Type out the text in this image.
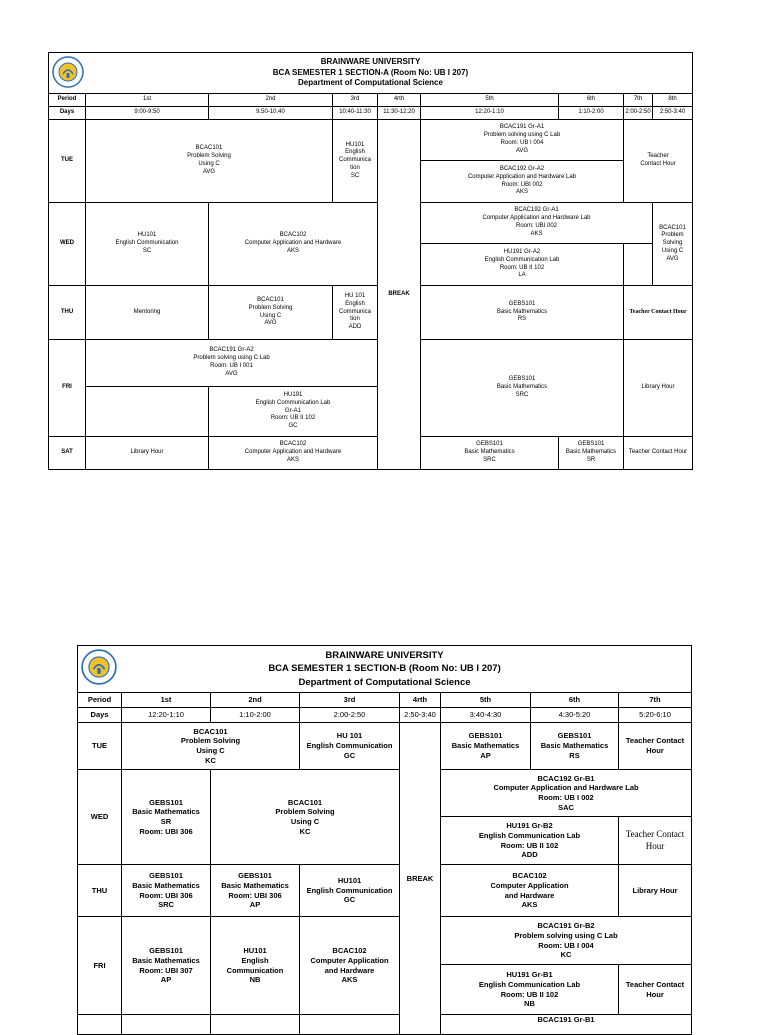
BRAINWARE UNIVERSITY
BCA SEMESTER 1 SECTION-A (Room No: UB I 207)
Department of Computational Science								

Period	1st	2nd	3rd	4rth	5th	6th	7th	8th
Days	9:00-9:50	9.50-10.40	10:40-11:30	11:30-12:20	12:20-1:10	1:10-2:00	2:00-2:50	2:50-3:40
TUE	BCAC101
Problem Solving
Using C
AVG		HU101
English
Communica
tion
SC	BREAK	BCAC191 Gr-A1
Problem solving using C Lab
Room: UB I 004
AVG		Teacher
Contact Hour	

					BCAC192 Gr-A2
Computer Application and Hardware Lab
Room: UBI 002
AKS			

WED	HU101
English Communication
SC	BCAC102
Computer Application and Hardware
AKS			BCAC192 Gr-A1
Computer Application and Hardware Lab
Room: UBI 002
AKS			BCAC101
Problem Solving
Using C
AVG

					HU191 Gr-A2
English Communication Lab
Room: UB II 102
LA			

THU	Mentoring	BCAC101
Problem Solving
Using C
AVG	HU 101
English
Communica
tion
ADD		GEBS101
Basic Mathematics
RS		Teacher Contact Hour	

FRI	BCAC191 Gr-A2
Problem solving using C Lab
Room: UB I 001
AVG				GEBS101
Basic Mathematics
SRC		Library Hour	

		HU191
English Communication Lab
Gr-A1
Room: UB II 102
GC						

SAT	Library Hour	BCAC102
Computer Application and Hardware
AKS			GEBS101
Basic Mathematics
SRC	GEBS101
Basic Mathematics
SR	Teacher Contact Hour	
BRAINWARE UNIVERSITY
BCA SEMESTER 1 SECTION-B (Room No: UB I 207)
Department of Computational Science							

Period	1st	2nd	3rd	4rth	5th	6th	7th
Days	12:20-1:10	1:10-2:00	2:00-2:50	2:50-3:40	3:40-4:30	4:30-5:20	5:20-6:10
TUE	BCAC101
Problem Solving
Using C
KC		HU 101
English Communication
GC	BREAK	GEBS101
Basic Mathematics
AP	GEBS101
Basic Mathematics
RS	Teacher Contact
Hour

WED	GEBS101
Basic Mathematics
SR
Room: UBI 306	BCAC101
Problem Solving
Using C
KC			BCAC192 Gr-B1
Computer Application and Hardware Lab
Room: UB I 002
SAC		

					HU191 Gr-B2
English Communication Lab
Room: UB II 102
ADD		Teacher Contact
Hour

THU	GEBS101
Basic Mathematics
Room: UBI 306
SRC	GEBS101
Basic Mathematics
Room: UBI 306
AP	HU101
English Communication
GC		BCAC102
Computer Application
and Hardware
AKS		Library Hour

FRI	GEBS101
Basic Mathematics
Room: UBI 307
AP	HU101
English
Communication
NB	BCAC102
Computer Application
and Hardware
AKS		BCAC191 Gr-B2
Problem solving using C Lab
Room: UB I 004
KC		

					HU191 Gr-B1
English Communication Lab
Room: UB II 102
NB		Teacher Contact
Hour

					BCAC191 Gr-B1		
